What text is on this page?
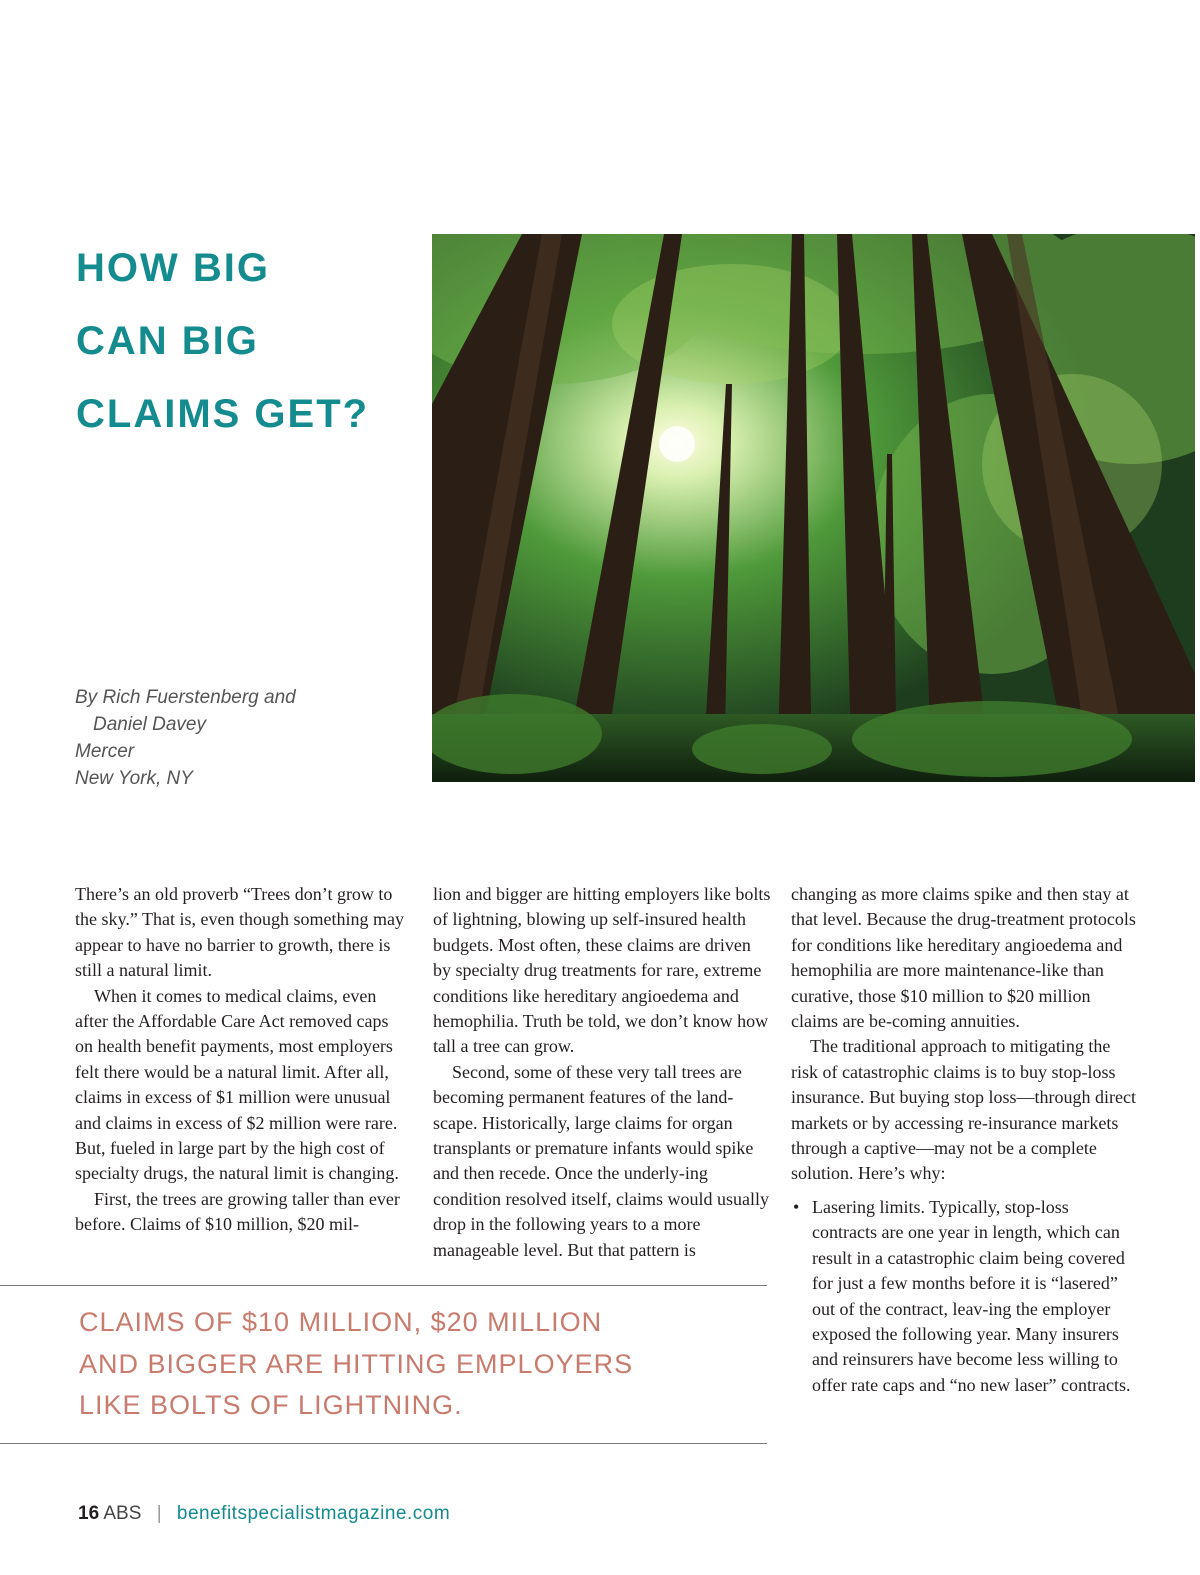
HOW BIG
CAN BIG
CLAIMS GET?
By Rich Fuerstenberg and
Daniel Davey
Mercer
New York, NY

There’s an old proverb “Trees don’t grow to the sky.” That is, even though something may appear to have no barrier to growth, there is still a natural limit.

When it comes to medical claims, even after the Affordable Care Act removed caps on health benefit payments, most employers felt there would be a natural limit. After all, claims in excess of $1 million were unusual and claims in excess of $2 million were rare. But, fueled in large part by the high cost of specialty drugs, the natural limit is changing.

First, the trees are growing taller than ever before. Claims of $10 million, $20 mil-

lion and bigger are hitting employers like bolts of lightning, blowing up self-insured health budgets. Most often, these claims are driven by specialty drug treatments for rare, extreme conditions like hereditary angioedema and hemophilia. Truth be told, we don’t know how tall a tree can grow.

Second, some of these very tall trees are becoming permanent features of the land-scape. Historically, large claims for organ transplants or premature infants would spike and then recede. Once the underly-ing condition resolved itself, claims would usually drop in the following years to a more manageable level. But that pattern is

changing as more claims spike and then stay at that level. Because the drug-treatment protocols for conditions like hereditary angioedema and hemophilia are more maintenance-like than curative, those $10 million to $20 million claims are be-coming annuities.

The traditional approach to mitigating the risk of catastrophic claims is to buy stop-loss insurance. But buying stop loss—through direct markets or by accessing re-insurance markets through a captive—may not be a complete solution. Here’s why:

• Lasering limits. Typically, stop-loss contracts are one year in length, which can result in a catastrophic claim being covered for just a few months before it is “lasered” out of the contract, leav-ing the employer exposed the following year. Many insurers and reinsurers have become less willing to offer rate caps and “no new laser” contracts.
CLAIMS OF $10 MILLION, $20 MILLION
AND BIGGER ARE HITTING EMPLOYERS
LIKE BOLTS OF LIGHTNING.
16 ABS | benefitspecialistmagazine.com
